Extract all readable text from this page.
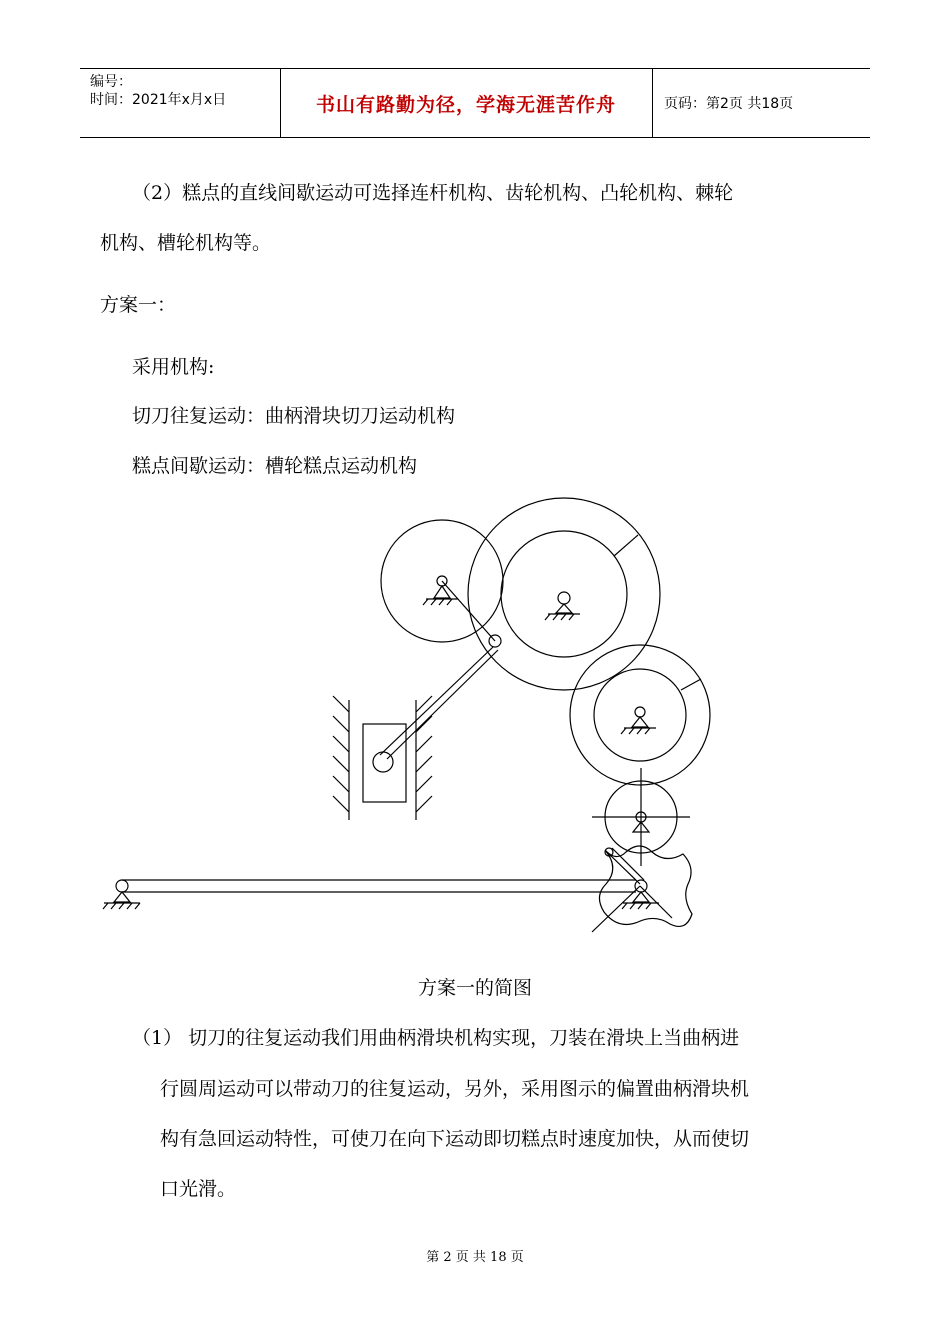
编号：
时间：2021年x月x日	书山有路勤为径，学海无涯苦作舟	页码：第2页 共18页
（2）糕点的直线间歇运动可选择连杆机构、齿轮机构、凸轮机构、棘轮
机构、槽轮机构等。
方案一：
采用机构:
切刀往复运动：曲柄滑块切刀运动机构
糕点间歇运动：槽轮糕点运动机构
方案一的简图
（1） 切刀的往复运动我们用曲柄滑块机构实现，刀装在滑块上当曲柄进
行圆周运动可以带动刀的往复运动，另外，采用图示的偏置曲柄滑块机
构有急回运动特性，可使刀在向下运动即切糕点时速度加快，从而使切
口光滑。
第 2 页 共 18 页
